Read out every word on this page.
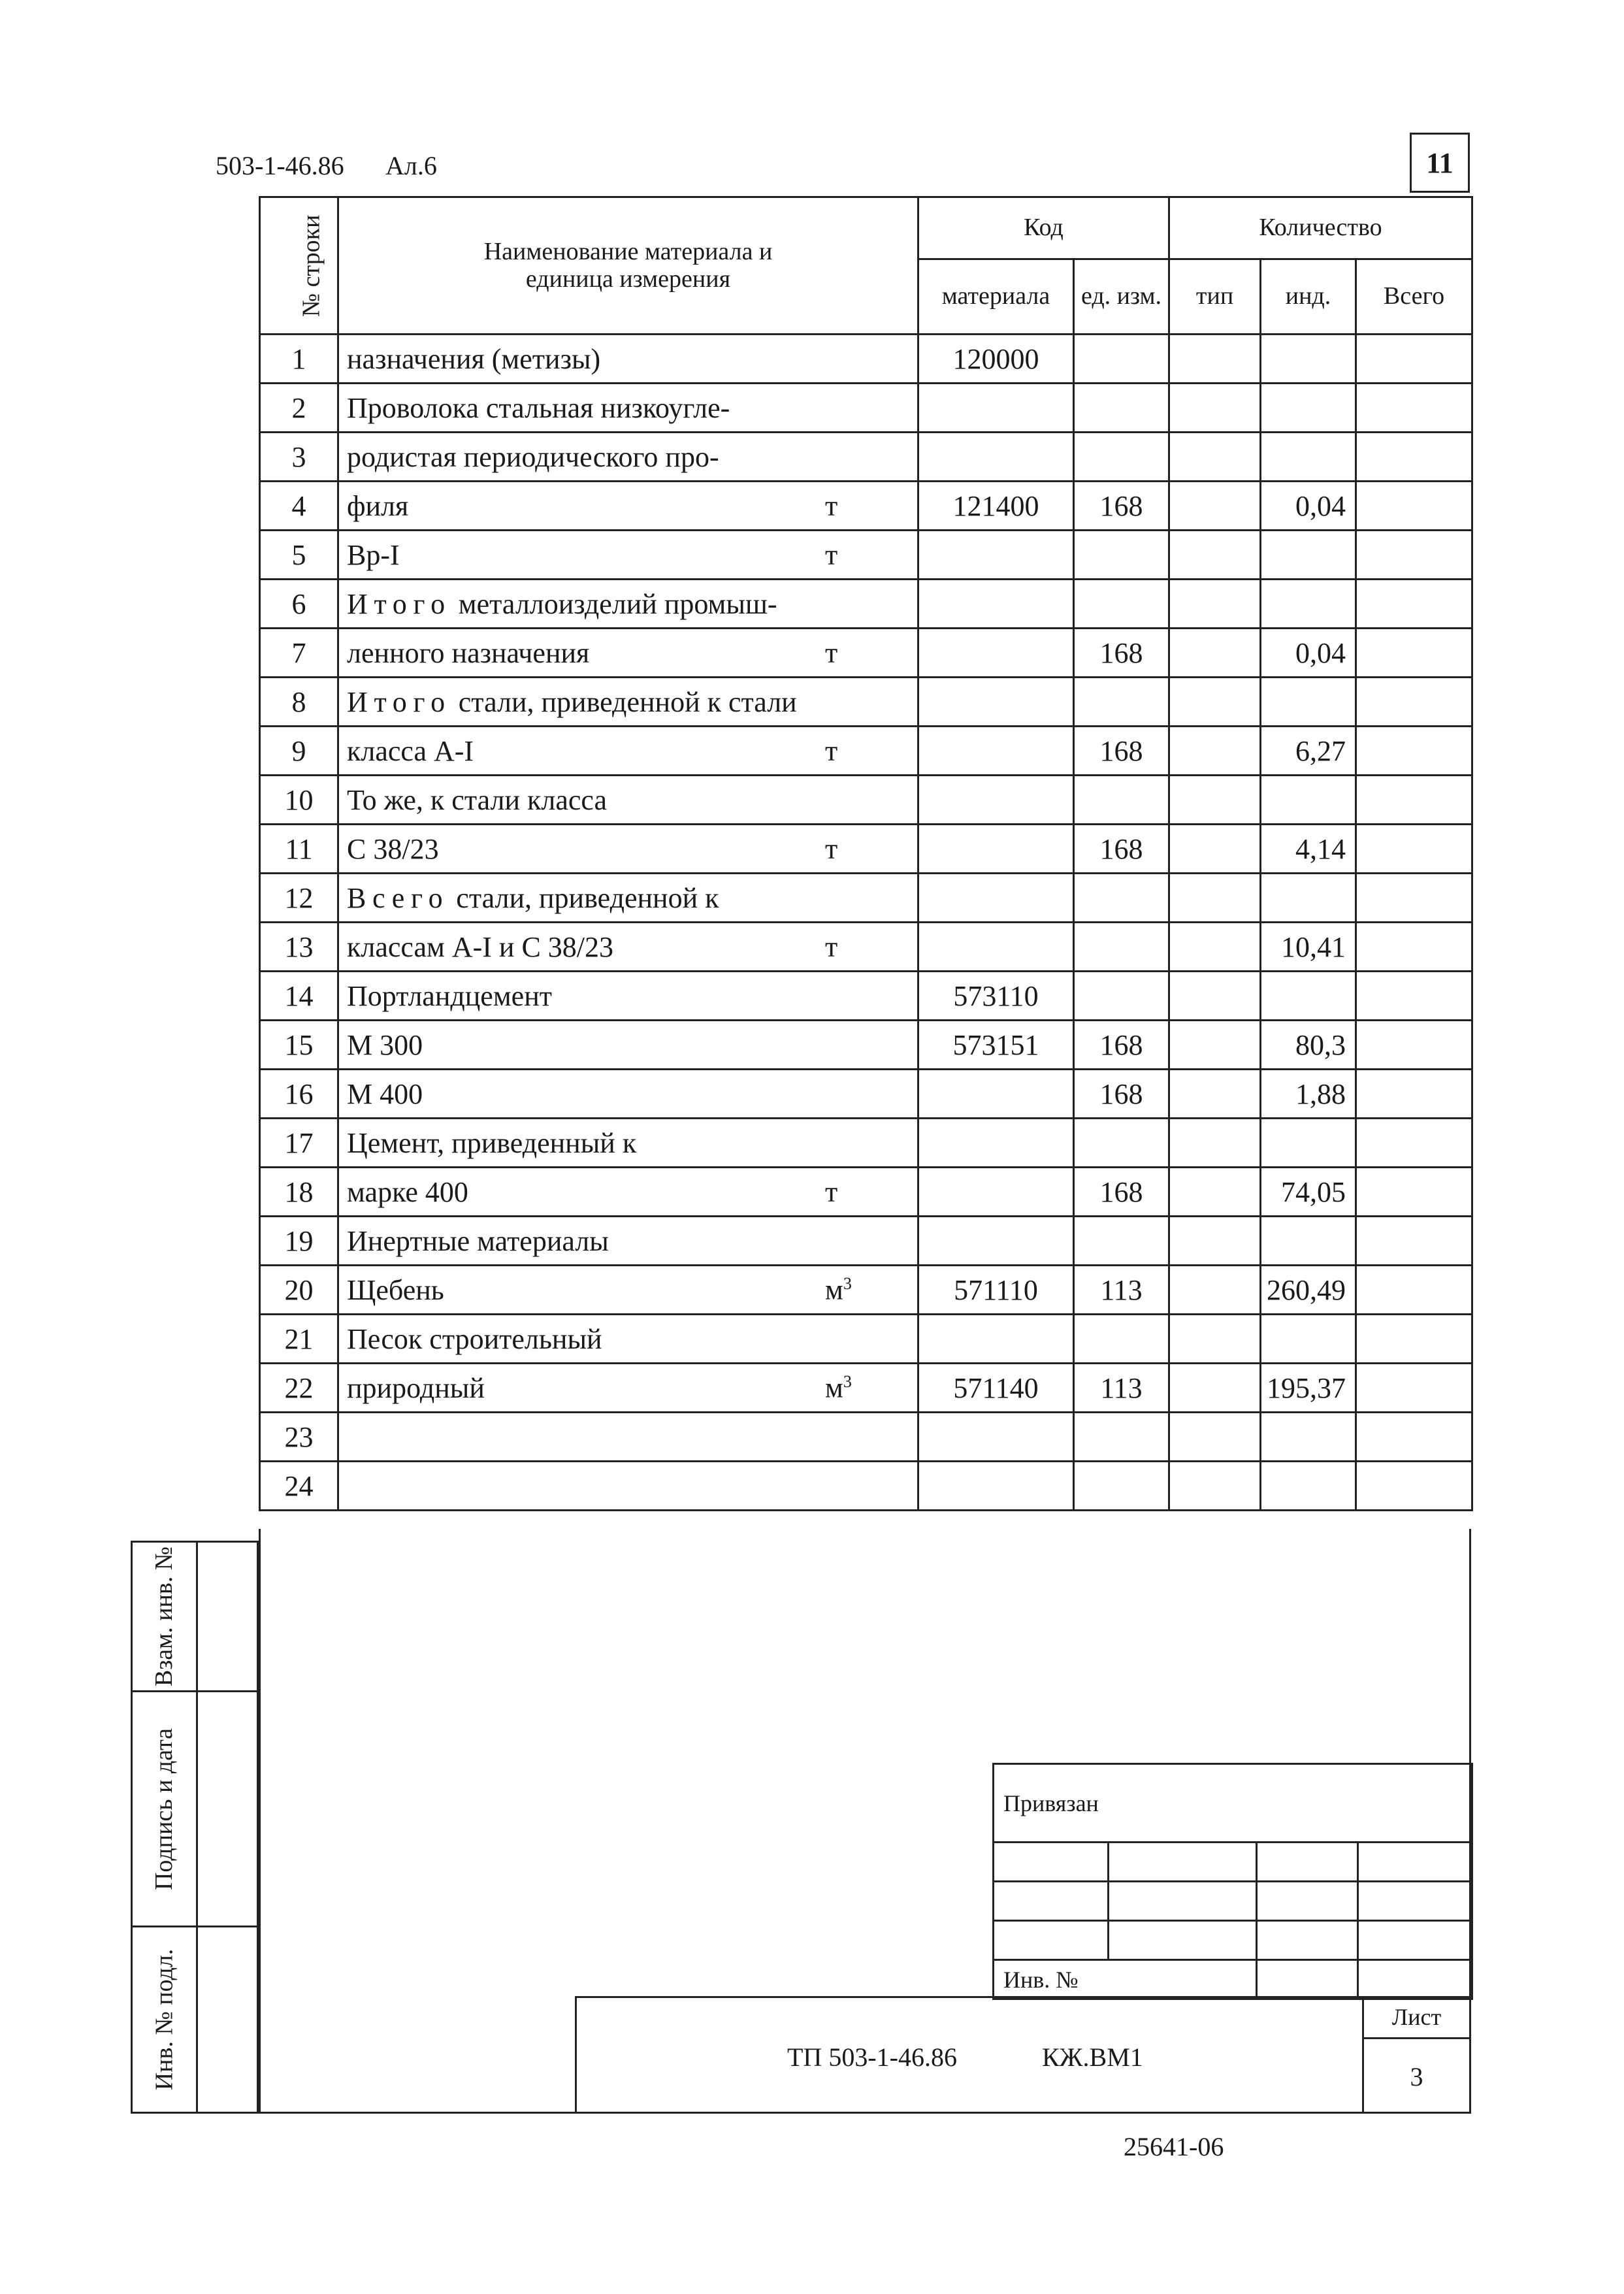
503-1-46.86 Ал.6	11
№ строки	Наименование материала и единица измерения	Код		Количество		
		материала	ед. изм.	тип	инд.	Всего
1	назначения (метизы)	120000				
2	Проволока стальная низкоугле-					
3	родистая периодического про-					
4	филя т	121400	168		0,04	
5	Вр-I т					

6	Итого металлоизделий промыш-					
7	ленного назначения т		168		0,04	
8	Итого стали, приведенной к стали					
9	класса А-I т		168		6,27	
10	То же, к стали класса					
11	С 38/23 т		168		4,14	
12	Всего стали, приведенной к					
13	классам А-I и С 38/23 т				10,41	
14	Портландцемент	573110				
15	М 300	573151	168		80,3	
16	М 400		168		1,88	
17	Цемент, приведенный к					
18	марке 400 т		168		74,05	
19	Инертные материалы					
20	Щебень $м^3$	571110	113		260,49	
21	Песок строительный					
22	природный $м^3$	571140	113		195,37	
23						
24						
Взам. инв. №
Подпись и дата
Инв. № подл.
Привязан			

Инв. №			
ТП 503-1-46.86	КЖ.ВМ1
Лист
3
25641-06
